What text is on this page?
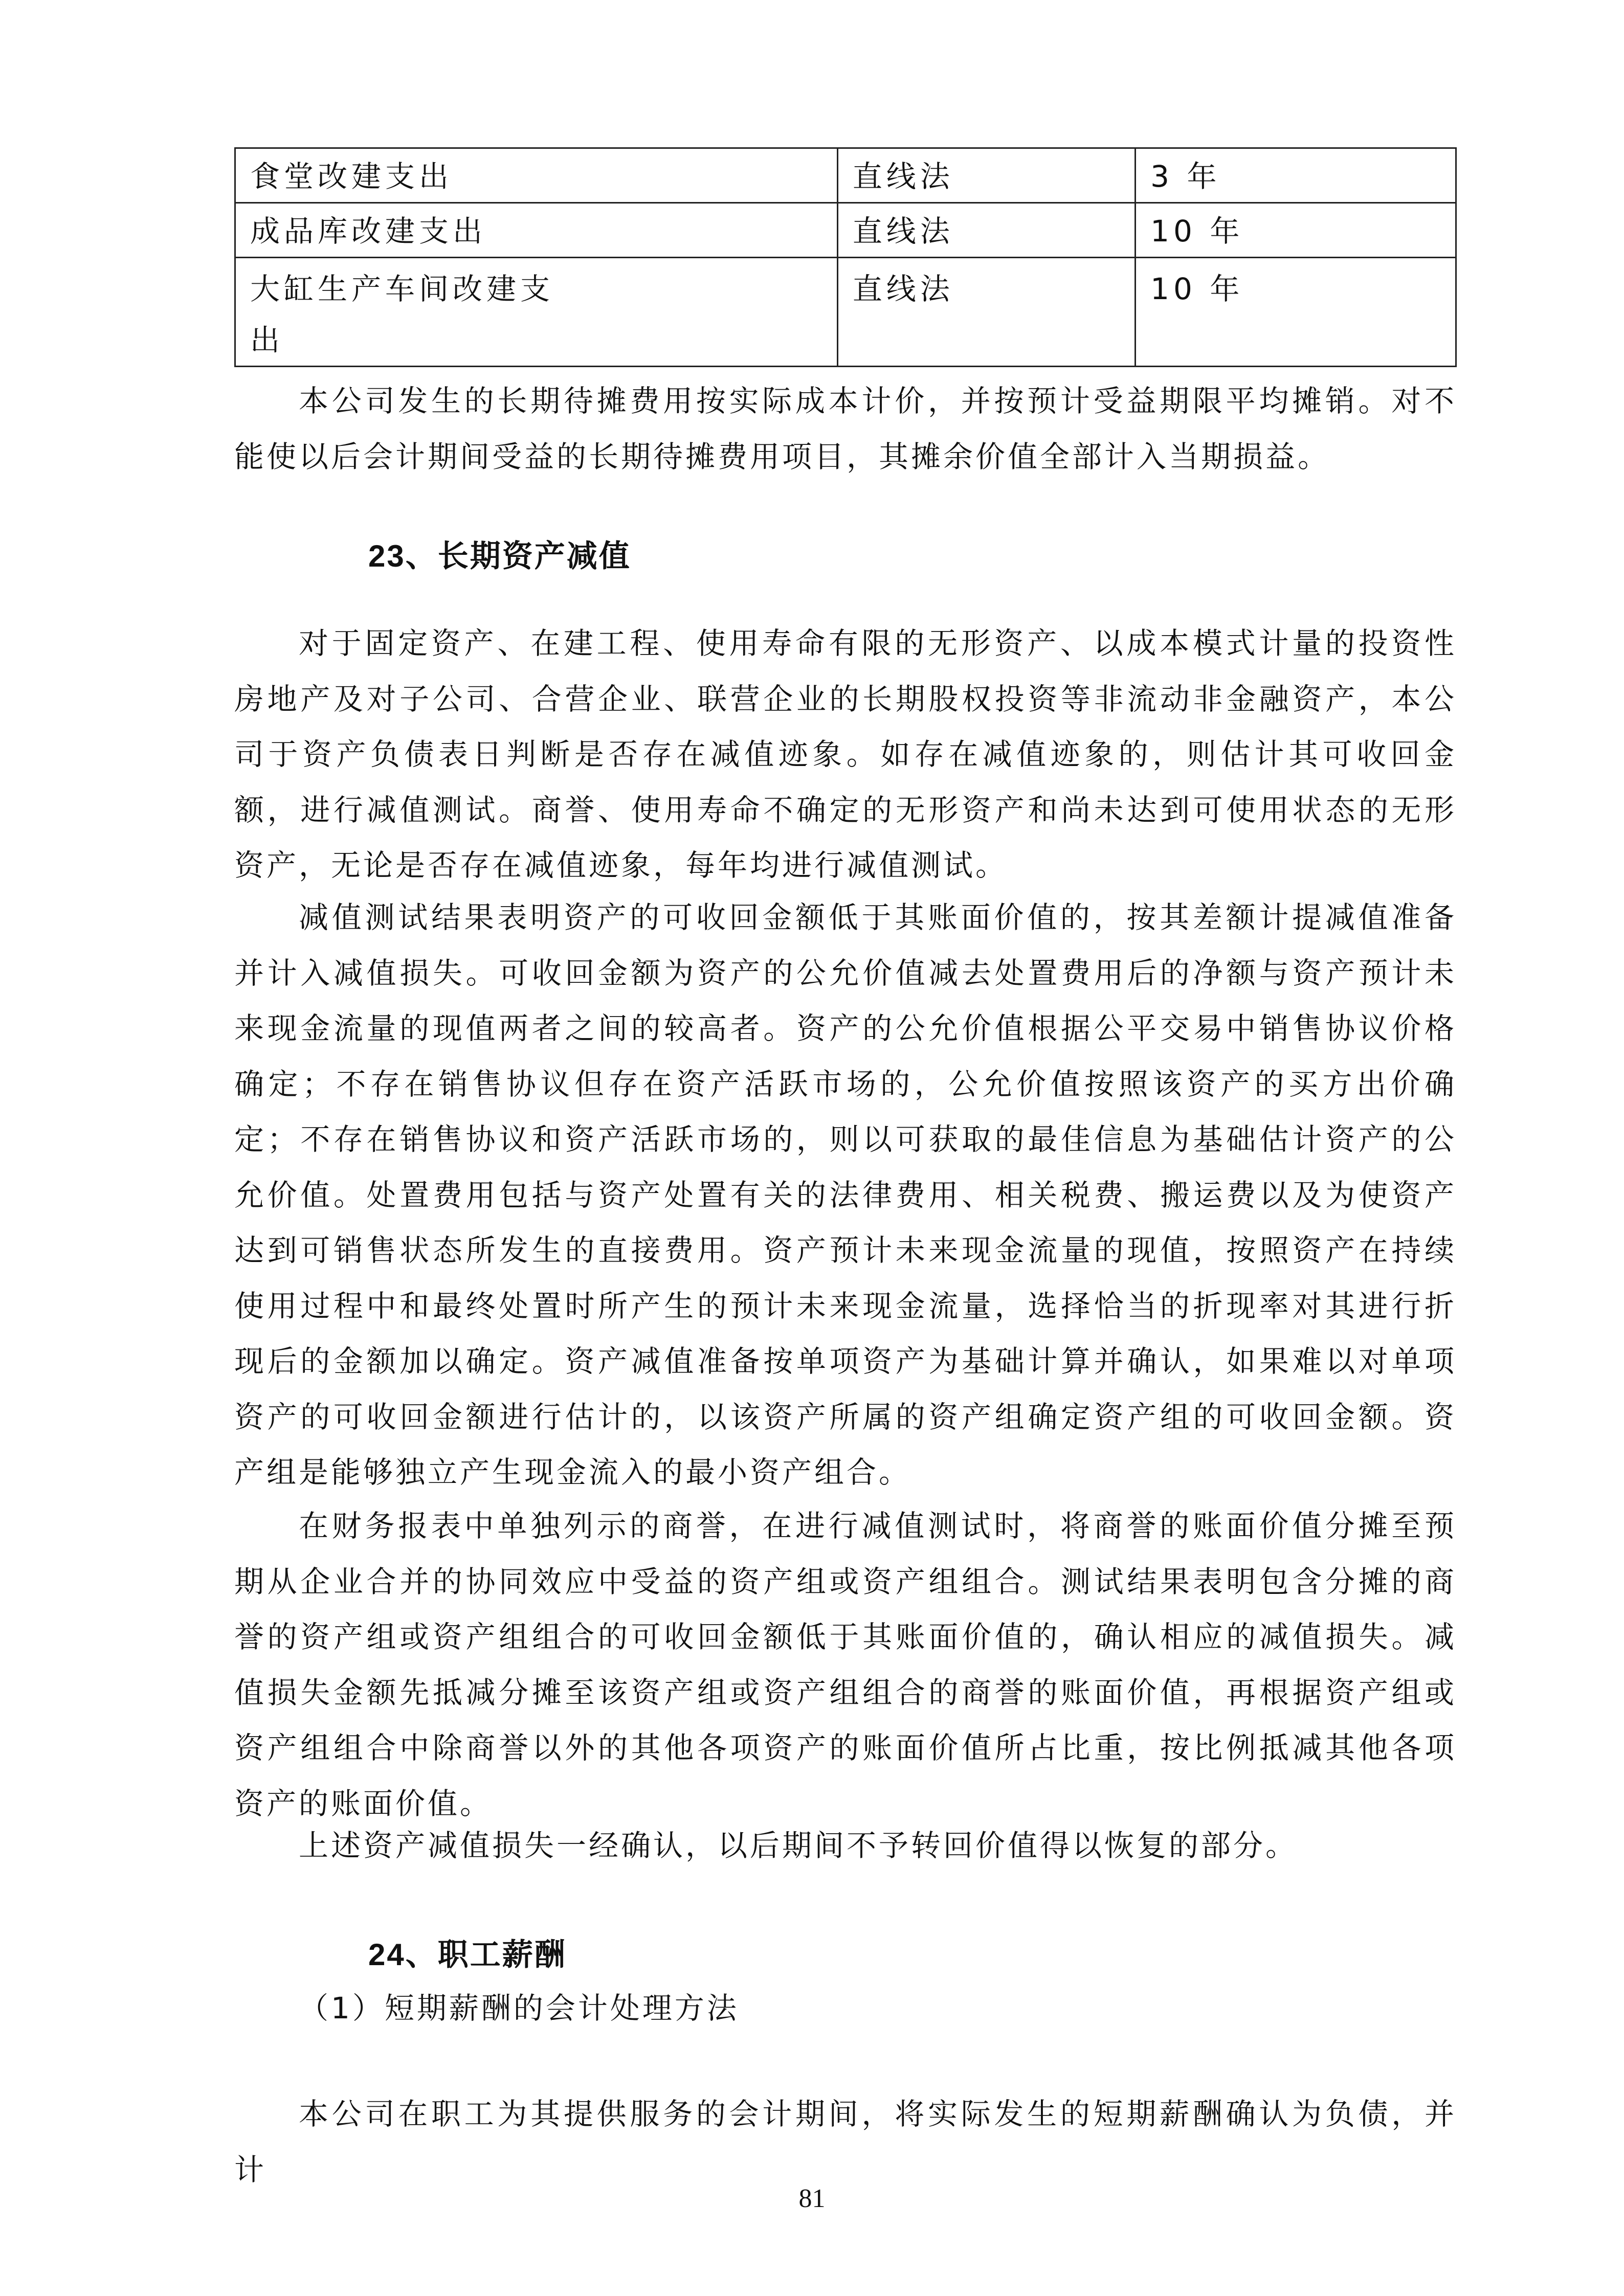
食堂改建支出	直线法	3 年
成品库改建支出	直线法	10 年

大缸生产车间改建支出	直线法	10 年

本公司发生的长期待摊费用按实际成本计价，并按预计受益期限平均摊销。对不能使以后会计期间受益的长期待摊费用项目，其摊余价值全部计入当期损益。

23、长期资产减值

对于固定资产、在建工程、使用寿命有限的无形资产、以成本模式计量的投资性房地产及对子公司、合营企业、联营企业的长期股权投资等非流动非金融资产，本公司于资产负债表日判断是否存在减值迹象。如存在减值迹象的，则估计其可收回金额，进行减值测试。商誉、使用寿命不确定的无形资产和尚未达到可使用状态的无形资产，无论是否存在减值迹象，每年均进行减值测试。

减值测试结果表明资产的可收回金额低于其账面价值的，按其差额计提减值准备并计入减值损失。可收回金额为资产的公允价值减去处置费用后的净额与资产预计未来现金流量的现值两者之间的较高者。资产的公允价值根据公平交易中销售协议价格确定；不存在销售协议但存在资产活跃市场的，公允价值按照该资产的买方出价确定；不存在销售协议和资产活跃市场的，则以可获取的最佳信息为基础估计资产的公允价值。处置费用包括与资产处置有关的法律费用、相关税费、搬运费以及为使资产达到可销售状态所发生的直接费用。资产预计未来现金流量的现值，按照资产在持续使用过程中和最终处置时所产生的预计未来现金流量，选择恰当的折现率对其进行折现后的金额加以确定。资产减值准备按单项资产为基础计算并确认，如果难以对单项资产的可收回金额进行估计的，以该资产所属的资产组确定资产组的可收回金额。资产组是能够独立产生现金流入的最小资产组合。

在财务报表中单独列示的商誉，在进行减值测试时，将商誉的账面价值分摊至预期从企业合并的协同效应中受益的资产组或资产组组合。测试结果表明包含分摊的商誉的资产组或资产组组合的可收回金额低于其账面价值的，确认相应的减值损失。减值损失金额先抵减分摊至该资产组或资产组组合的商誉的账面价值，再根据资产组或资产组组合中除商誉以外的其他各项资产的账面价值所占比重，按比例抵减其他各项资产的账面价值。

上述资产减值损失一经确认，以后期间不予转回价值得以恢复的部分。

24、职工薪酬

（1）短期薪酬的会计处理方法

本公司在职工为其提供服务的会计期间，将实际发生的短期薪酬确认为负债，并计

81
